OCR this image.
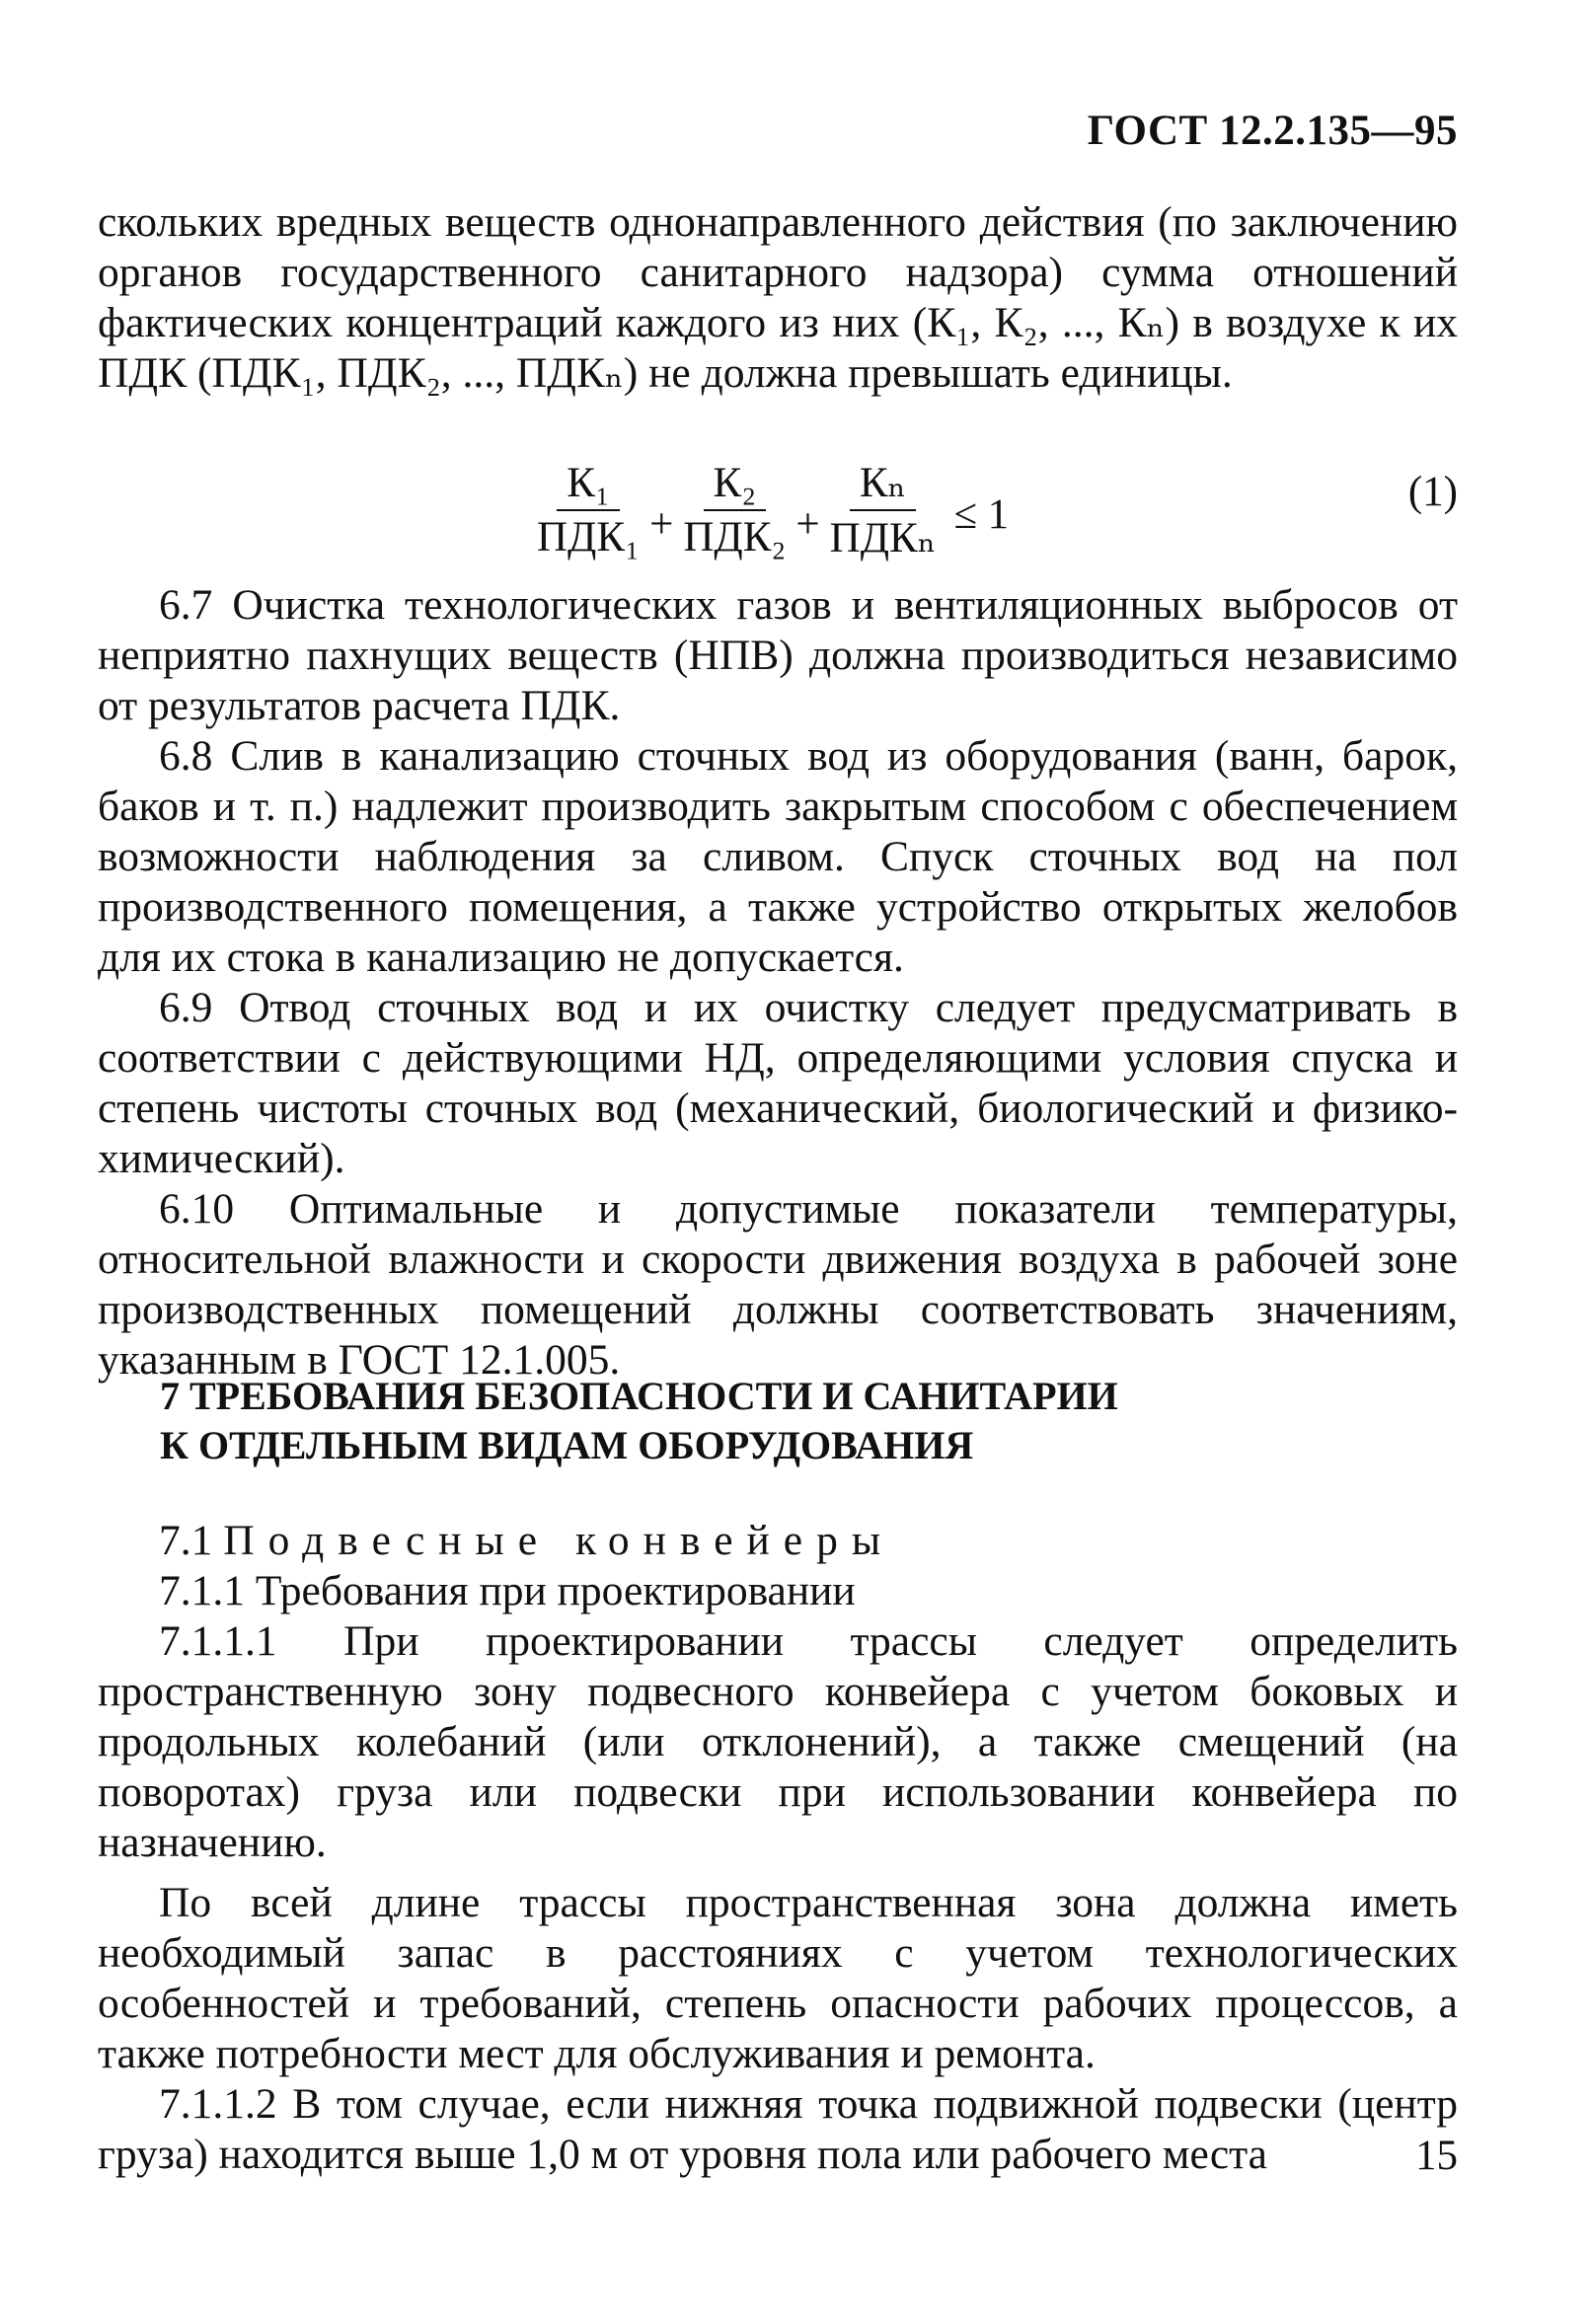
ГОСТ 12.2.135—95

скольких вредных веществ однонаправленного действия (по заключению органов государственного санитарного надзора) сумма отношений фактических концентраций каждого из них (К₁, К₂, ..., Кₙ) в воздухе к их ПДК (ПДК₁, ПДК₂, ..., ПДКₙ) не должна превышать единицы.

$\frac{\text{К₁}}{\text{ПДК₁}} + \frac{\text{К₂}}{\text{ПДК₂}} + \frac{\text{Кₙ}}{\text{ПДКₙ}} \le 1$	(1)

6.7 Очистка технологических газов и вентиляционных выбросов от неприятно пахнущих веществ (НПВ) должна производиться независимо от результатов расчета ПДК.

6.8 Слив в канализацию сточных вод из оборудования (ванн, барок, баков и т. п.) надлежит производить закрытым способом с обеспечением возможности наблюдения за сливом. Спуск сточных вод на пол производственного помещения, а также устройство открытых желобов для их стока в канализацию не допускается.

6.9 Отвод сточных вод и их очистку следует предусматривать в соответствии с действующими НД, определяющими условия спуска и степень чистоты сточных вод (механический, биологический и физико-химический).

6.10 Оптимальные и допустимые показатели температуры, относительной влажности и скорости движения воздуха в рабочей зоне производственных помещений должны соответствовать значениям, указанным в ГОСТ 12.1.005.

7 ТРЕБОВАНИЯ БЕЗОПАСНОСТИ И САНИТАРИИ
К ОТДЕЛЬНЫМ ВИДАМ ОБОРУДОВАНИЯ

7.1 Подвесные конвейеры

7.1.1 Требования при проектировании

7.1.1.1 При проектировании трассы следует определить пространственную зону подвесного конвейера с учетом боковых и продольных колебаний (или отклонений), а также смещений (на поворотах) груза или подвески при использовании конвейера по назначению.

По всей длине трассы пространственная зона должна иметь необходимый запас в расстояниях с учетом технологических особенностей и требований, степень опасности рабочих процессов, а также потребности мест для обслуживания и ремонта.

7.1.1.2 В том случае, если нижняя точка подвижной подвески (центр груза) находится выше 1,0 м от уровня пола или рабочего места	15
